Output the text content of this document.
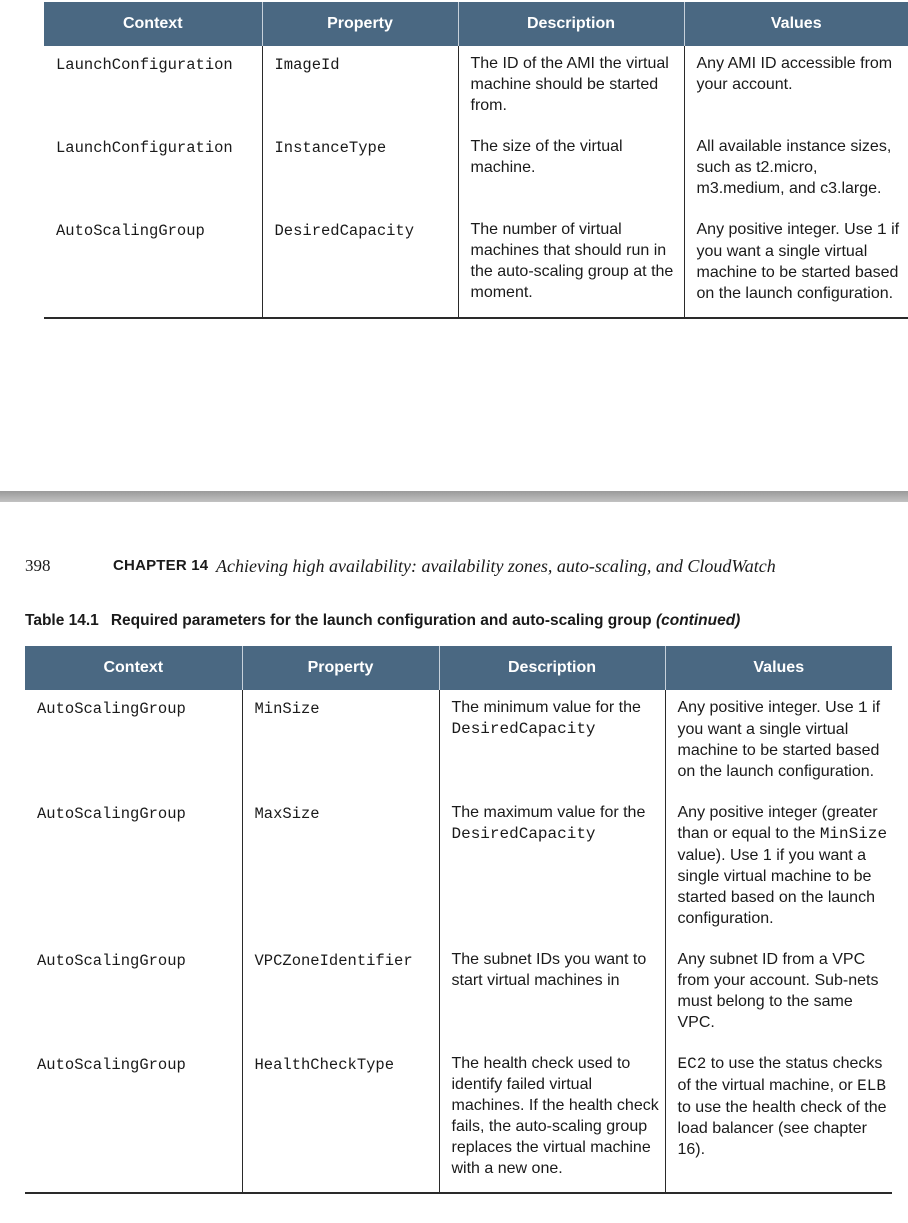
Context	Property	Description	Values
LaunchConfiguration	ImageId	The ID of the AMI the virtual machine should be started from.	Any AMI ID accessible from your account.
LaunchConfiguration	InstanceType	The size of the virtual machine.	All available instance sizes, such as t2.micro, m3.medium, and c3.large.
AutoScalingGroup	DesiredCapacity	The number of virtual machines that should run in the auto-scaling group at the moment.	Any positive integer. Use 1 if you want a single virtual machine to be started based on the launch configuration.
398	CHAPTER 14 Achieving high availability: availability zones, auto-scaling, and CloudWatch
Table 14.1 Required parameters for the launch configuration and auto-scaling group (continued)
Context	Property	Description	Values
AutoScalingGroup	MinSize	The minimum value for the DesiredCapacity	Any positive integer. Use 1 if you want a single virtual machine to be started based on the launch configuration.
AutoScalingGroup	MaxSize	The maximum value for the DesiredCapacity	Any positive integer (greater than or equal to the MinSize value). Use 1 if you want a single virtual machine to be started based on the launch configuration.
AutoScalingGroup	VPCZoneIdentifier	The subnet IDs you want to start virtual machines in	Any subnet ID from a VPC from your account. Sub-nets must belong to the same VPC.
AutoScalingGroup	HealthCheckType	The health check used to identify failed virtual machines. If the health check fails, the auto-scaling group replaces the virtual machine with a new one.	EC2 to use the status checks of the virtual machine, or ELB to use the health check of the load balancer (see chapter 16).
